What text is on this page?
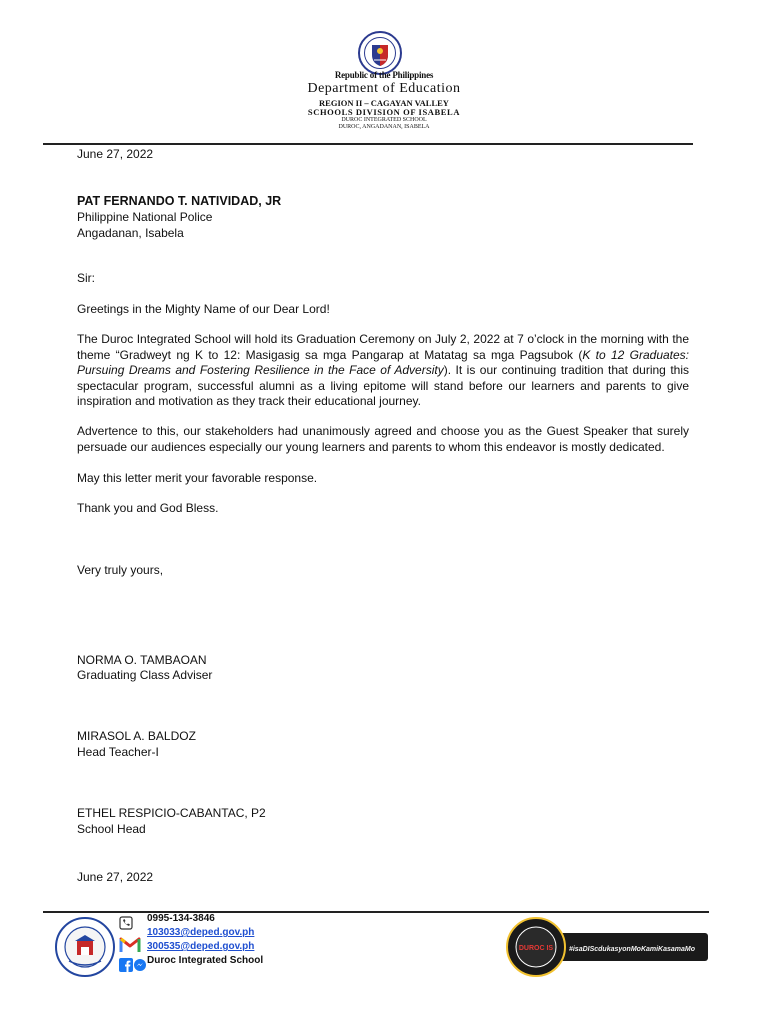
Republic of the Philippines
Department of Education
REGION II – CAGAYAN VALLEY
SCHOOLS DIVISION OF ISABELA
DUROC INTEGRATED SCHOOL
DUROC, ANGADANAN, ISABELA
June 27, 2022
PAT FERNANDO T. NATIVIDAD, JR
Philippine National Police
Angadanan, Isabela
Sir:
Greetings in the Mighty Name of our Dear Lord!
The Duroc Integrated School will hold its Graduation Ceremony on July 2, 2022 at 7 o’clock in the morning with the theme “Gradweyt ng K to 12: Masigasig sa mga Pangarap at Matatag sa mga Pagsubok (K to 12 Graduates: Pursuing Dreams and Fostering Resilience in the Face of Adversity). It is our continuing tradition that during this spectacular program, successful alumni as a living epitome will stand before our learners and parents to give inspiration and motivation as they track their educational journey.
Advertence to this, our stakeholders had unanimously agreed and choose you as the Guest Speaker that surely persuade our audiences especially our young learners and parents to whom this endeavor is mostly dedicated.
May this letter merit your favorable response.
Thank you and God Bless.
Very truly yours,
NORMA O. TAMBAOAN
Graduating Class Adviser
MIRASOL A. BALDOZ
Head Teacher-I
ETHEL RESPICIO-CABANTAC, P2
School Head
June 27, 2022
0995-134-3846
103033@deped.gov.ph
300535@deped.gov.ph
Duroc Integrated School
DUROC IS #isaDIScdukasyonMoKamiKasamaMo
